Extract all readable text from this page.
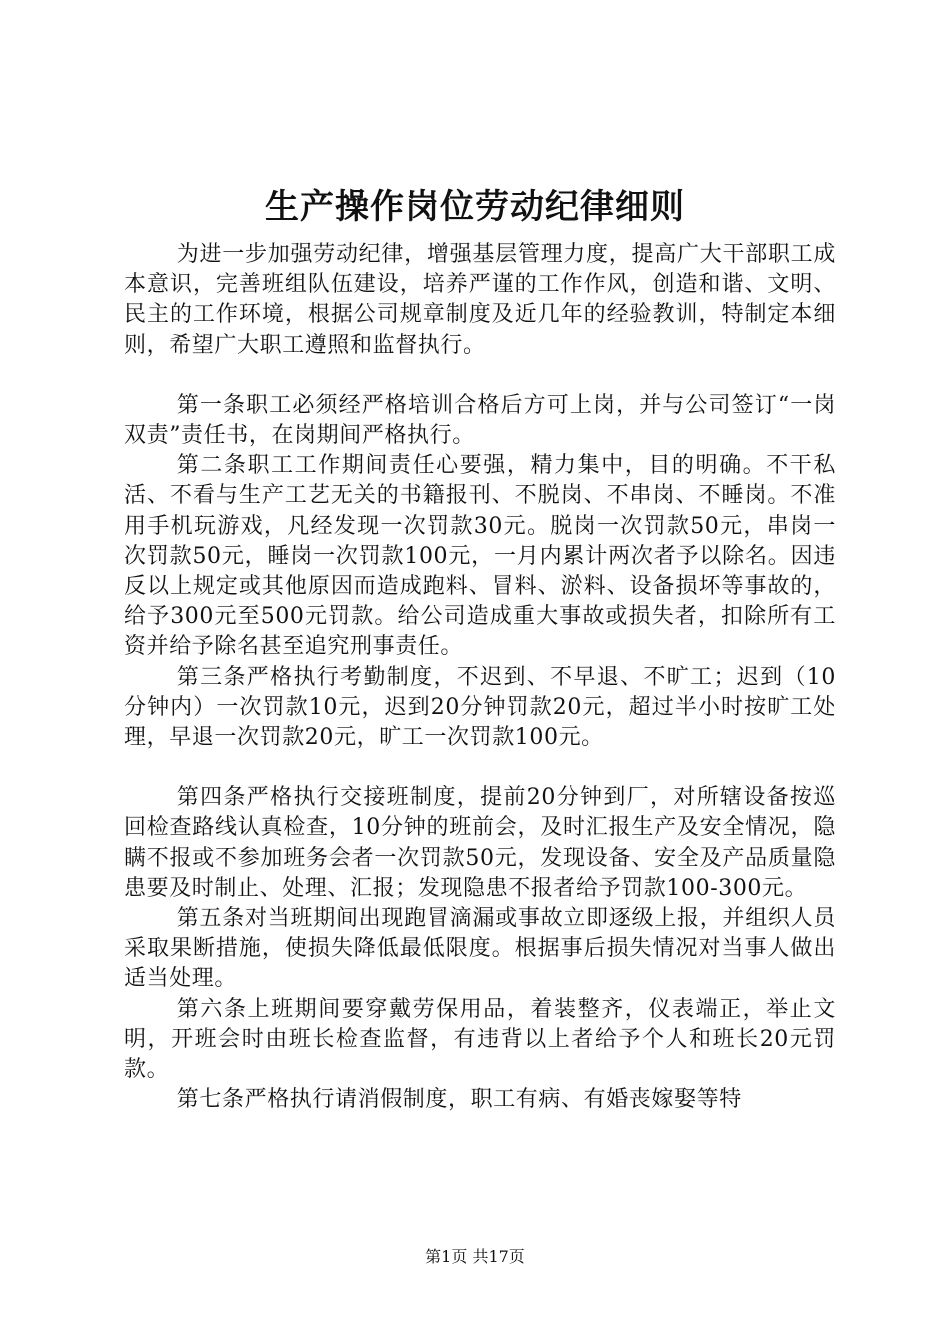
生产操作岗位劳动纪律细则

为进一步加强劳动纪律，增强基层管理力度，提高广大干部职工成本意识，完善班组队伍建设，培养严谨的工作作风，创造和谐、文明、民主的工作环境，根据公司规章制度及近几年的经验教训，特制定本细则，希望广大职工遵照和监督执行。

第一条职工必须经严格培训合格后方可上岗，并与公司签订“一岗双责”责任书，在岗期间严格执行。

第二条职工工作期间责任心要强，精力集中，目的明确。不干私活、不看与生产工艺无关的书籍报刊、不脱岗、不串岗、不睡岗。不准用手机玩游戏，凡经发现一次罚款30元。脱岗一次罚款50元，串岗一次罚款50元，睡岗一次罚款100元，一月内累计两次者予以除名。因违反以上规定或其他原因而造成跑料、冒料、淤料、设备损坏等事故的，给予300元至500元罚款。给公司造成重大事故或损失者，扣除所有工资并给予除名甚至追究刑事责任。

第三条严格执行考勤制度，不迟到、不早退、不旷工；迟到（10分钟内）一次罚款10元，迟到20分钟罚款20元，超过半小时按旷工处理，早退一次罚款20元，旷工一次罚款100元。

第四条严格执行交接班制度，提前20分钟到厂，对所辖设备按巡回检查路线认真检查，10分钟的班前会，及时汇报生产及安全情况，隐瞒不报或不参加班务会者一次罚款50元，发现设备、安全及产品质量隐患要及时制止、处理、汇报；发现隐患不报者给予罚款100-300元。

第五条对当班期间出现跑冒滴漏或事故立即逐级上报，并组织人员采取果断措施，使损失降低最低限度。根据事后损失情况对当事人做出适当处理。

第六条上班期间要穿戴劳保用品，着装整齐，仪表端正，举止文明，开班会时由班长检查监督，有违背以上者给予个人和班长20元罚款。

第七条严格执行请消假制度，职工有病、有婚丧嫁娶等特

第1页 共17页
